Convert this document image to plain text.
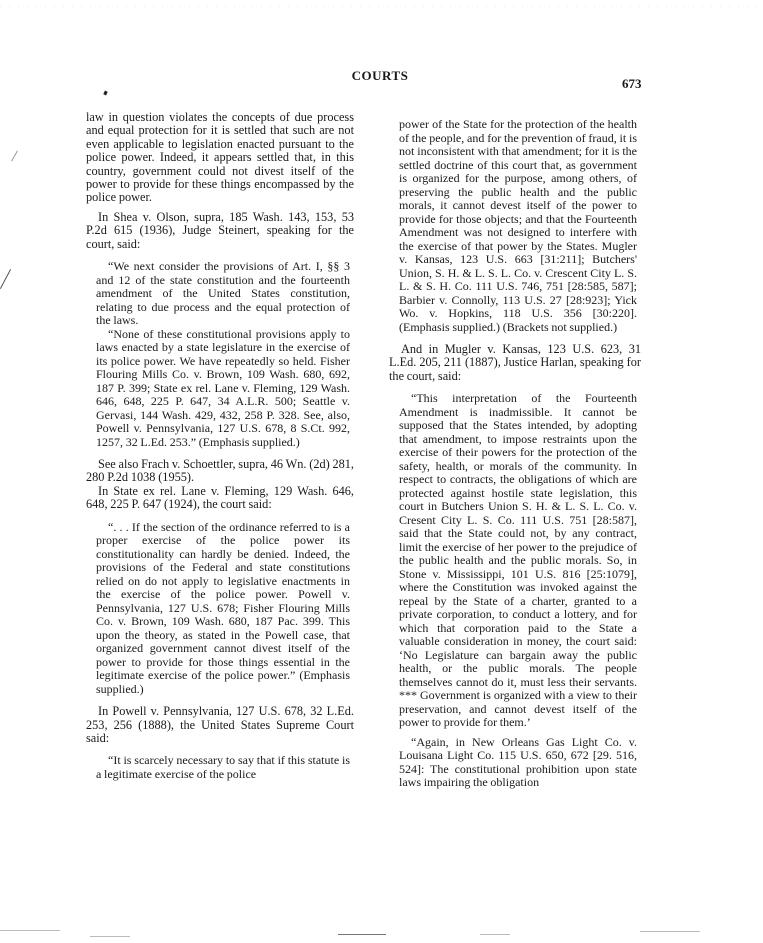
COURTS
673

law in question violates the concepts of due process and equal protection for it is settled that such are not even applicable to legislation enacted pursuant to the police power. Indeed, it appears settled that, in this country, government could not divest itself of the power to provide for these things encompassed by the police power.

In Shea v. Olson, supra, 185 Wash. 143, 153, 53 P.2d 615 (1936), Judge Steinert, speaking for the court, said:

“We next consider the provisions of Art. I, §§ 3 and 12 of the state constitution and the fourteenth amendment of the United States constitution, relating to due process and the equal protection of the laws.

“None of these constitutional provisions apply to laws enacted by a state legislature in the exercise of its police power. We have repeatedly so held. Fisher Flouring Mills Co. v. Brown, 109 Wash. 680, 692, 187 P. 399; State ex rel. Lane v. Fleming, 129 Wash. 646, 648, 225 P. 647, 34 A.L.R. 500; Seattle v. Gervasi, 144 Wash. 429, 432, 258 P. 328. See, also, Powell v. Pennsylvania, 127 U.S. 678, 8 S.Ct. 992, 1257, 32 L.Ed. 253.” (Emphasis supplied.)

See also Frach v. Schoettler, supra, 46 Wn. (2d) 281, 280 P.2d 1038 (1955).

In State ex rel. Lane v. Fleming, 129 Wash. 646, 648, 225 P. 647 (1924), the court said:

“. . . If the section of the ordinance referred to is a proper exercise of the police power its constitutionality can hardly be denied. Indeed, the provisions of the Federal and state constitutions relied on do not apply to legislative enactments in the exercise of the police power. Powell v. Pennsylvania, 127 U.S. 678; Fisher Flouring Mills Co. v. Brown, 109 Wash. 680, 187 Pac. 399. This upon the theory, as stated in the Powell case, that organized government cannot divest itself of the power to provide for those things essential in the legitimate exercise of the police power.” (Emphasis supplied.)

In Powell v. Pennsylvania, 127 U.S. 678, 32 L.Ed. 253, 256 (1888), the United States Supreme Court said:

“It is scarcely necessary to say that if this statute is a legitimate exercise of the police

power of the State for the protection of the health of the people, and for the prevention of fraud, it is not inconsistent with that amendment; for it is the settled doctrine of this court that, as government is organized for the purpose, among others, of preserving the public health and the public morals, it cannot devest itself of the power to provide for those objects; and that the Fourteenth Amendment was not designed to interfere with the exercise of that power by the States. Mugler v. Kansas, 123 U.S. 663 [31:211]; Butchers' Union, S. H. & L. S. L. Co. v. Crescent City L. S. L. & S. H. Co. 111 U.S. 746, 751 [28:585, 587]; Barbier v. Connolly, 113 U.S. 27 [28:923]; Yick Wo. v. Hopkins, 118 U.S. 356 [30:220]. (Emphasis supplied.) (Brackets not supplied.)

And in Mugler v. Kansas, 123 U.S. 623, 31 L.Ed. 205, 211 (1887), Justice Harlan, speaking for the court, said:

“This interpretation of the Fourteenth Amendment is inadmissible. It cannot be supposed that the States intended, by adopting that amendment, to impose restraints upon the exercise of their powers for the protection of the safety, health, or morals of the community. In respect to contracts, the obligations of which are protected against hostile state legislation, this court in Butchers Union S. H. & L. S. L. Co. v. Cresent City L. S. Co. 111 U.S. 751 [28:587], said that the State could not, by any contract, limit the exercise of her power to the prejudice of the public health and the public morals. So, in Stone v. Mississippi, 101 U.S. 816 [25:1079], where the Constitution was invoked against the repeal by the State of a charter, granted to a private corporation, to conduct a lottery, and for which that corporation paid to the State a valuable consideration in money, the court said: ‘No Legislature can bargain away the public health, or the public morals. The people themselves cannot do it, must less their servants. *** Government is organized with a view to their preservation, and cannot devest itself of the power to provide for them.’

“Again, in New Orleans Gas Light Co. v. Louisana Light Co. 115 U.S. 650, 672 [29. 516, 524]: The constitutional prohibition upon state laws impairing the obligation
